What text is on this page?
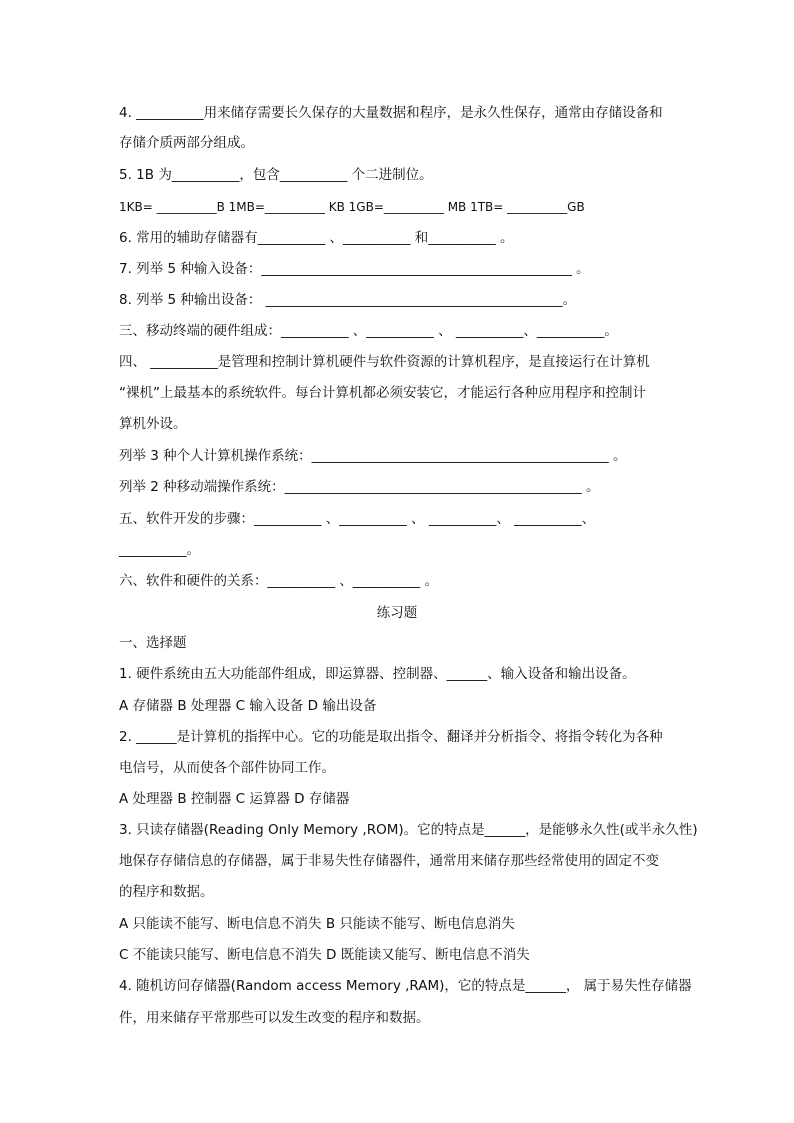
4. __________用来储存需要长久保存的大量数据和程序，是永久性保存，通常由存储设备和
存储介质两部分组成。
5. 1B 为__________，包含__________ 个二进制位。
1KB= __________B 1MB=__________ KB 1GB=__________ MB 1TB= __________GB
6. 常用的辅助存储器有__________ 、__________ 和__________ 。
7. 列举 5 种输入设备：______________________________________________ 。
8. 列举 5 种输出设备： ____________________________________________。
三、移动终端的硬件组成：__________ 、__________ 、 __________、__________。
四、 __________是管理和控制计算机硬件与软件资源的计算机程序，是直接运行在计算机
“裸机”上最基本的系统软件。每台计算机都必须安装它，才能运行各种应用程序和控制计
算机外设。
列举 3 种个人计算机操作系统：____________________________________________ 。
列举 2 种移动端操作系统：____________________________________________ 。
五、软件开发的步骤：__________ 、__________ 、 __________、 __________、
__________。
六、软件和硬件的关系：__________ 、__________ 。
练习题
一、选择题
1. 硬件系统由五大功能部件组成，即运算器、控制器、______、输入设备和输出设备。
A 存储器 B 处理器 C 输入设备 D 输出设备
2. ______是计算机的指挥中心。它的功能是取出指令、翻译并分析指令、将指令转化为各种
电信号，从而使各个部件协同工作。
A 处理器 B 控制器 C 运算器 D 存储器
3. 只读存储器(Reading Only Memory ,ROM)。它的特点是______，是能够永久性(或半永久性)
地保存存储信息的存储器，属于非易失性存储器件，通常用来储存那些经常使用的固定不变
的程序和数据。
A 只能读不能写、断电信息不消失 B 只能读不能写、断电信息消失
C 不能读只能写、断电信息不消失 D 既能读又能写、断电信息不消失
4. 随机访问存储器(Random access Memory ,RAM)，它的特点是______， 属于易失性存储器
件，用来储存平常那些可以发生改变的程序和数据。
